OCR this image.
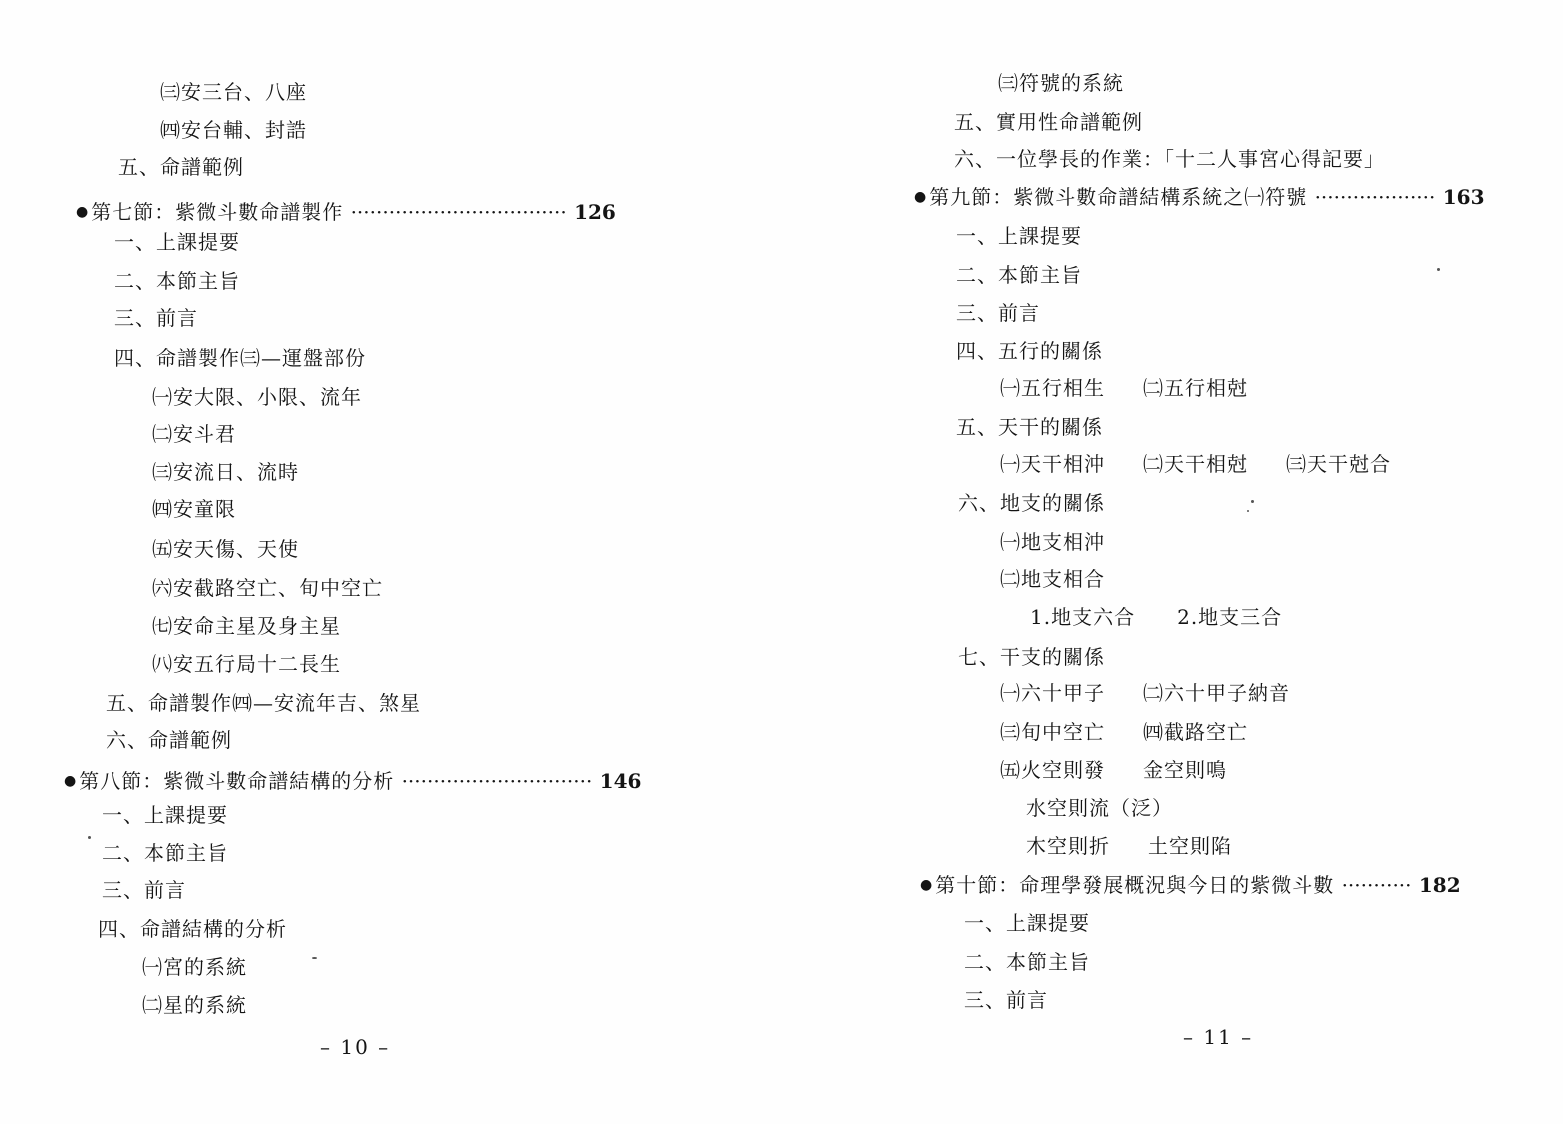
㈢安三台、八座
㈣安台輔、封誥
五、命譜範例
● 第七節：紫微斗數命譜製作 ·································· 126
一、上課提要
二、本節主旨
三、前言
四、命譜製作㈢—運盤部份
㈠安大限、小限、流年
㈡安斗君
㈢安流日、流時
㈣安童限
㈤安天傷、天使
㈥安截路空亡、旬中空亡
㈦安命主星及身主星
㈧安五行局十二長生
五、命譜製作㈣—安流年吉、煞星
六、命譜範例
● 第八節：紫微斗數命譜結構的分析 ······························ 146
一、上課提要
二、本節主旨
三、前言
四、命譜結構的分析
㈠宮的系統
㈡星的系統
– 10 –
㈢符號的系統
五、實用性命譜範例
六、一位學長的作業：「十二人事宮心得記要」
● 第九節：紫微斗數命譜結構系統之㈠符號 ··················· 163
一、上課提要
二、本節主旨
三、前言
四、五行的關係
㈠五行相生 ㈡五行相尅
五、天干的關係
㈠天干相沖 ㈡天干相尅 ㈢天干尅合
六、地支的關係
㈠地支相沖
㈡地支相合
1.地支六合 2.地支三合
七、干支的關係
㈠六十甲子 ㈡六十甲子納音
㈢旬中空亡 ㈣截路空亡
㈤火空則發 金空則鳴
水空則流（泛）
木空則折 土空則陷
● 第十節：命理學發展概況與今日的紫微斗數 ··········· 182
一、上課提要
二、本節主旨
三、前言
– 11 –
